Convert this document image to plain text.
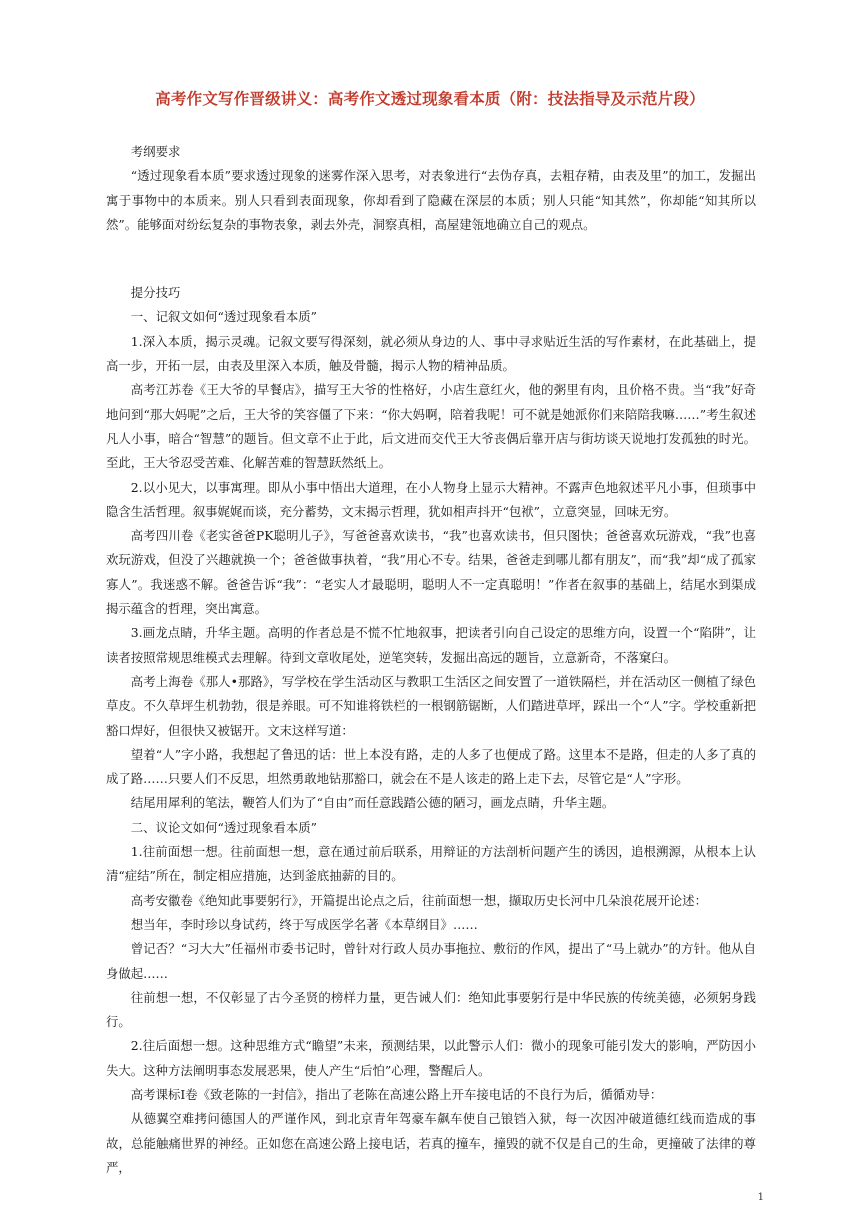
高考作文写作晋级讲义：高考作文透过现象看本质（附：技法指导及示范片段）

考纲要求

“透过现象看本质”要求透过现象的迷雾作深入思考，对表象进行“去伪存真，去粗存精，由表及里”的加工，发掘出寓于事物中的本质来。别人只看到表面现象，你却看到了隐藏在深层的本质；别人只能“知其然”，你却能“知其所以然”。能够面对纷纭复杂的事物表象，剥去外壳，洞察真相，高屋建瓴地确立自己的观点。

提分技巧

一、记叙文如何“透过现象看本质”

1.深入本质，揭示灵魂。记叙文要写得深刻，就必须从身边的人、事中寻求贴近生活的写作素材，在此基础上，提高一步，开拓一层，由表及里深入本质，触及骨髓，揭示人物的精神品质。

高考江苏卷《王大爷的早餐店》，描写王大爷的性格好，小店生意红火，他的粥里有肉，且价格不贵。当“我”好奇地问到“那大妈呢”之后，王大爷的笑容僵了下来：“你大妈啊，陪着我呢！可不就是她派你们来陪陪我嘛……”考生叙述凡人小事，暗合“智慧”的题旨。但文章不止于此，后文进而交代王大爷丧偶后靠开店与街坊谈天说地打发孤独的时光。至此，王大爷忍受苦难、化解苦难的智慧跃然纸上。

2.以小见大，以事寓理。即从小事中悟出大道理，在小人物身上显示大精神。不露声色地叙述平凡小事，但琐事中隐含生活哲理。叙事娓娓而谈，充分蓄势，文末揭示哲理，犹如相声抖开“包袱”，立意突显，回味无穷。

高考四川卷《老实爸爸PK聪明儿子》，写爸爸喜欢读书，“我”也喜欢读书，但只图快；爸爸喜欢玩游戏，“我”也喜欢玩游戏，但没了兴趣就换一个；爸爸做事执着，“我”用心不专。结果，爸爸走到哪儿都有朋友”，而“我”却“成了孤家寡人”。我迷惑不解。爸爸告诉“我”：“老实人才最聪明，聪明人不一定真聪明！”作者在叙事的基础上，结尾水到渠成揭示蕴含的哲理，突出寓意。

3.画龙点睛，升华主题。高明的作者总是不慌不忙地叙事，把读者引向自己设定的思维方向，设置一个“陷阱”，让读者按照常规思维模式去理解。待到文章收尾处，逆笔突转，发掘出高远的题旨，立意新奇，不落窠臼。

高考上海卷《那人•那路》，写学校在学生活动区与教职工生活区之间安置了一道铁隔栏，并在活动区一侧植了绿色草皮。不久草坪生机勃勃，很是养眼。可不知谁将铁栏的一根钢筋锯断，人们踏进草坪，踩出一个“人”字。学校重新把豁口焊好，但很快又被锯开。文末这样写道：

望着“人”字小路，我想起了鲁迅的话：世上本没有路，走的人多了也便成了路。这里本不是路，但走的人多了真的成了路……只要人们不反思，坦然勇敢地钻那豁口，就会在不是人该走的路上走下去，尽管它是“人”字形。

结尾用犀利的笔法，鞭笞人们为了“自由”而任意践踏公德的陋习，画龙点睛，升华主题。

二、议论文如何“透过现象看本质”

1.往前面想一想。往前面想一想，意在通过前后联系，用辩证的方法剖析问题产生的诱因，追根溯源，从根本上认清“症结”所在，制定相应措施，达到釜底抽薪的目的。

高考安徽卷《绝知此事要躬行》，开篇提出论点之后，往前面想一想，撷取历史长河中几朵浪花展开论述：

想当年，李时珍以身试药，终于写成医学名著《本草纲目》……

曾记否？“习大大”任福州市委书记时，曾针对行政人员办事拖拉、敷衍的作风，提出了“马上就办”的方针。他从自身做起……

往前想一想，不仅彰显了古今圣贤的榜样力量，更告诫人们：绝知此事要躬行是中华民族的传统美德，必须躬身践行。

2.往后面想一想。这种思维方式“瞻望”未来，预测结果，以此警示人们：微小的现象可能引发大的影响，严防因小失大。这种方法阐明事态发展恶果，使人产生“后怕”心理，警醒后人。

高考课标Ⅰ卷《致老陈的一封信》，指出了老陈在高速公路上开车接电话的不良行为后，循循劝导：

从德翼空难拷问德国人的严谨作风，到北京青年驾豪车飙车使自己锒铛入狱，每一次因冲破道德红线而造成的事故，总能触痛世界的神经。正如您在高速公路上接电话，若真的撞车，撞毁的就不仅是自己的生命，更撞破了法律的尊严，

1
